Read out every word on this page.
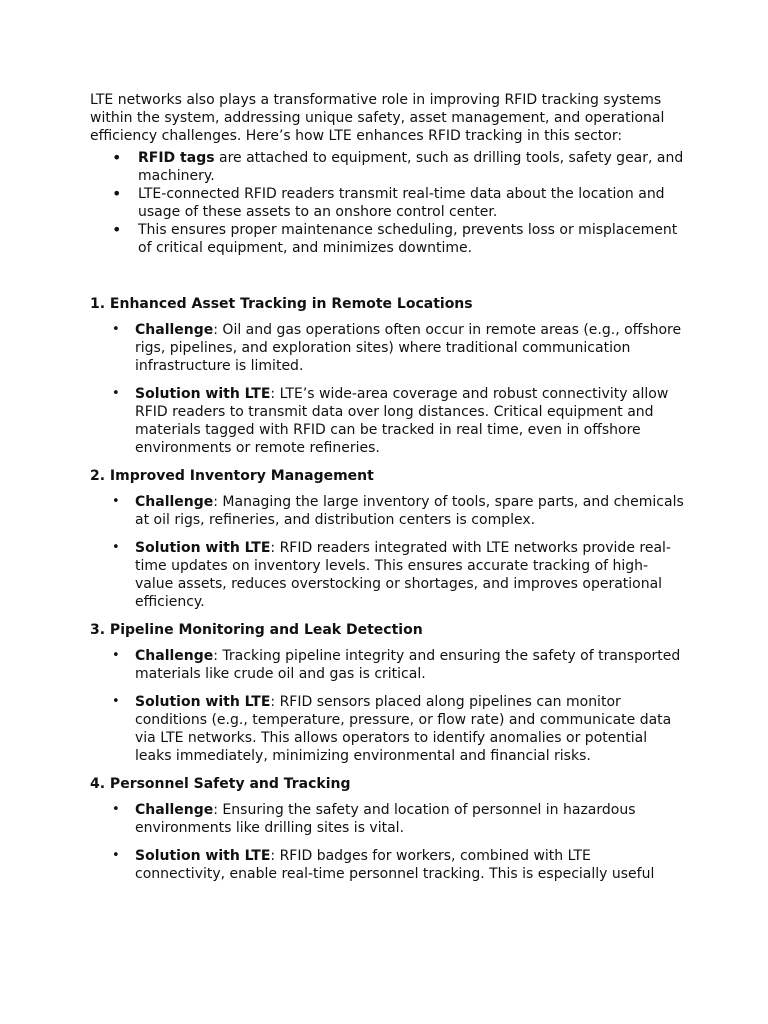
LTE networks also plays a transformative role in improving RFID tracking systems within the system, addressing unique safety, asset management, and operational efficiency challenges. Here’s how LTE enhances RFID tracking in this sector:

• RFID tags are attached to equipment, such as drilling tools, safety gear, and machinery.
• LTE-connected RFID readers transmit real-time data about the location and usage of these assets to an onshore control center.
• This ensures proper maintenance scheduling, prevents loss or misplacement of critical equipment, and minimizes downtime.
1. Enhanced Asset Tracking in Remote Locations
• Challenge: Oil and gas operations often occur in remote areas (e.g., offshore rigs, pipelines, and exploration sites) where traditional communication infrastructure is limited.
• Solution with LTE: LTE’s wide-area coverage and robust connectivity allow RFID readers to transmit data over long distances. Critical equipment and materials tagged with RFID can be tracked in real time, even in offshore environments or remote refineries.
2. Improved Inventory Management
• Challenge: Managing the large inventory of tools, spare parts, and chemicals at oil rigs, refineries, and distribution centers is complex.
• Solution with LTE: RFID readers integrated with LTE networks provide real-time updates on inventory levels. This ensures accurate tracking of high-value assets, reduces overstocking or shortages, and improves operational efficiency.
3. Pipeline Monitoring and Leak Detection
• Challenge: Tracking pipeline integrity and ensuring the safety of transported materials like crude oil and gas is critical.
• Solution with LTE: RFID sensors placed along pipelines can monitor conditions (e.g., temperature, pressure, or flow rate) and communicate data via LTE networks. This allows operators to identify anomalies or potential leaks immediately, minimizing environmental and financial risks.
4. Personnel Safety and Tracking
• Challenge: Ensuring the safety and location of personnel in hazardous environments like drilling sites is vital.
• Solution with LTE: RFID badges for workers, combined with LTE connectivity, enable real-time personnel tracking. This is especially useful
